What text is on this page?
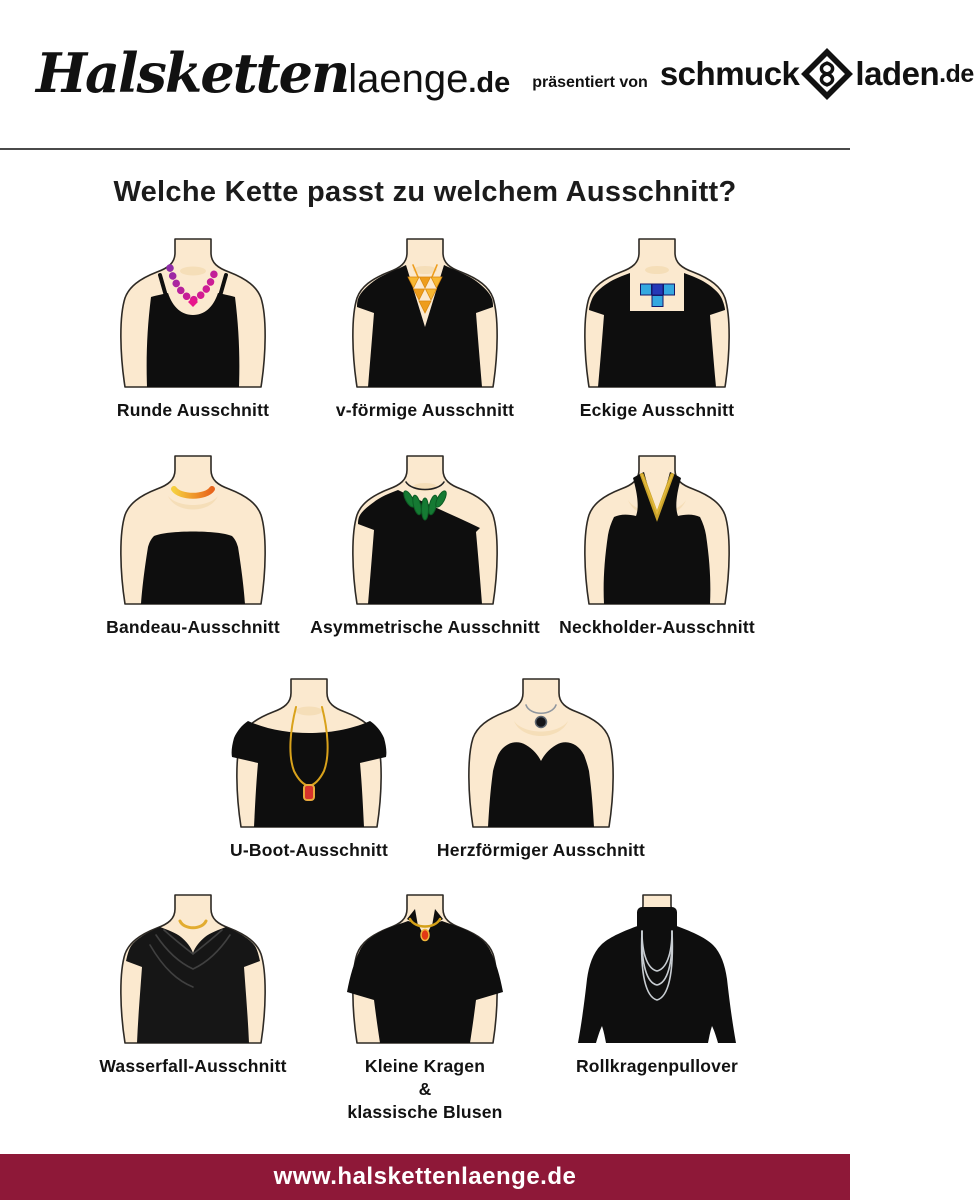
Halsketten laenge .de präsentiert von schmuck laden .de
Welche Kette passt zu welchem Ausschnitt?
Runde Ausschnitt	v-förmige Ausschnitt	Eckige Ausschnitt
Bandeau-Ausschnitt Asymmetrische Ausschnitt Neckholder-Ausschnitt
U-Boot-Ausschnitt	Herzförmiger Ausschnitt
Wasserfall-Ausschnitt	Kleine Kragen
&
klassische Blusen
Rollkragenpullover
www.halskettenlaenge.de
